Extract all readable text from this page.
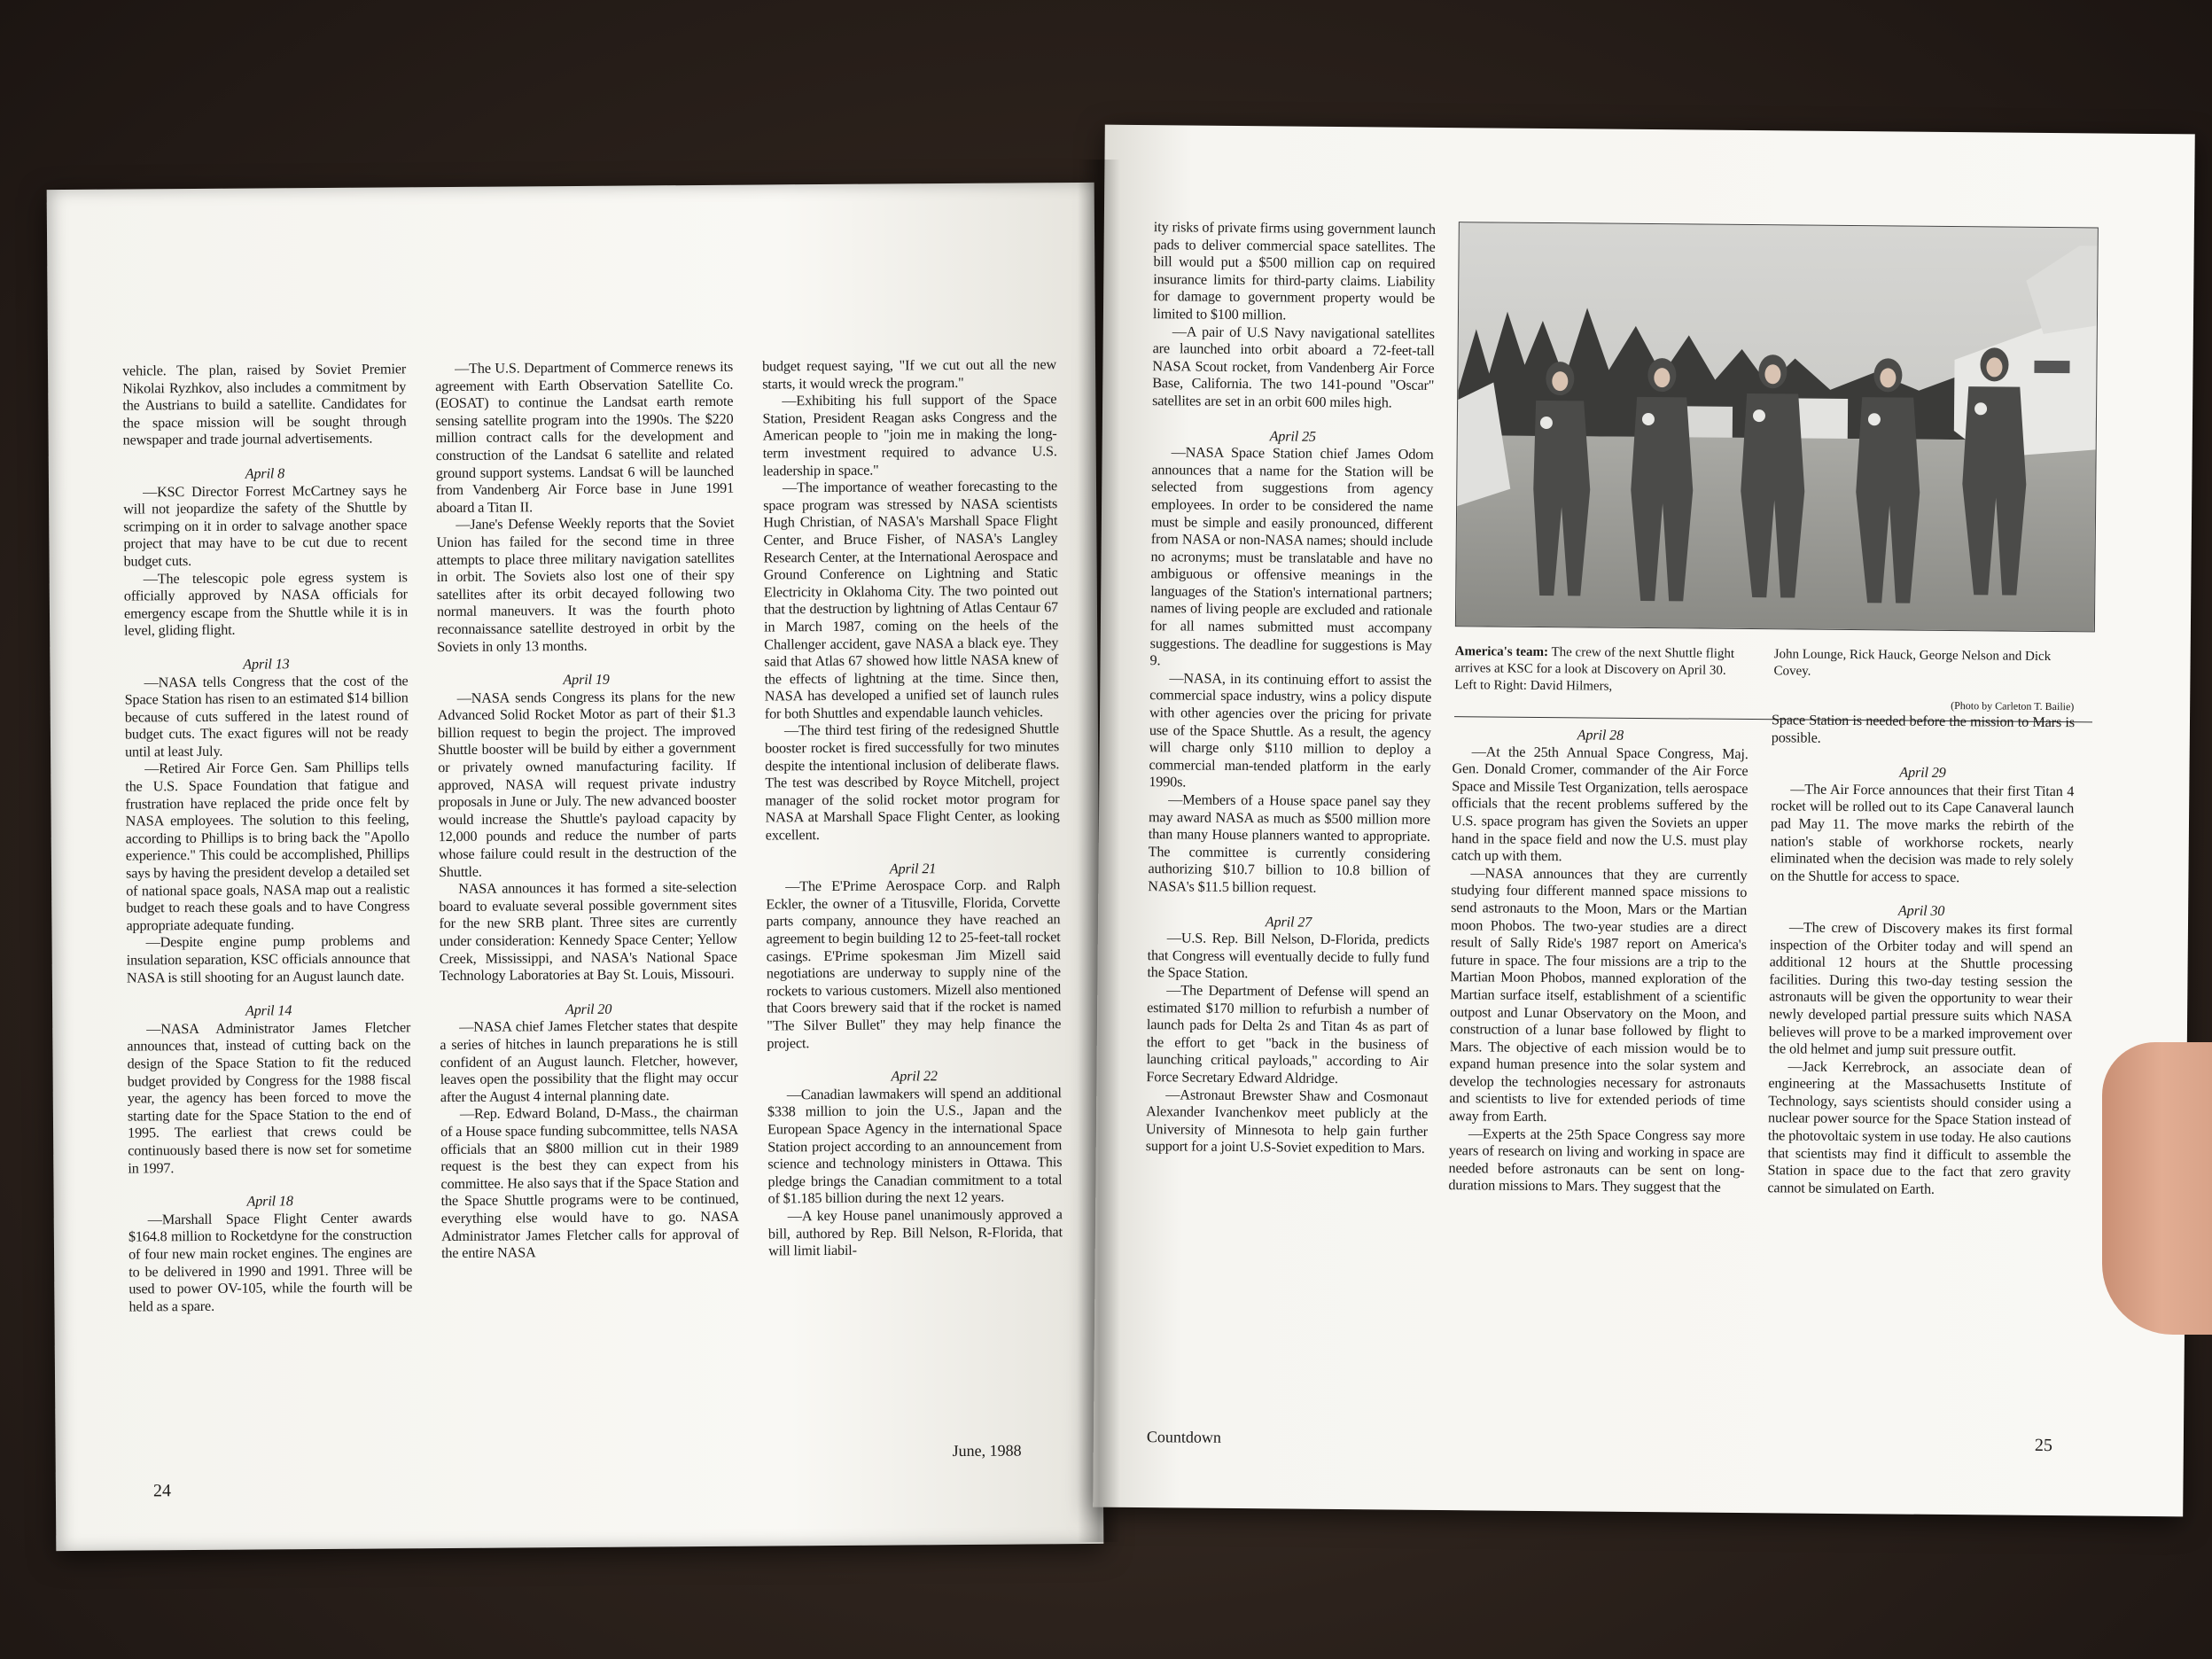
vehicle. The plan, raised by Soviet Premier Nikolai Ryzhkov, also includes a commitment by the Austrians to build a satellite. Candidates for the space mission will be sought through newspaper and trade journal advertisements.

April 8

—KSC Director Forrest McCartney says he will not jeopardize the safety of the Shuttle by scrimping on it in order to salvage another space project that may have to be cut due to recent budget cuts.

—The telescopic pole egress system is officially approved by NASA officials for emergency escape from the Shuttle while it is in level, gliding flight.

April 13

—NASA tells Congress that the cost of the Space Station has risen to an estimated $14 billion because of cuts suffered in the latest round of budget cuts. The exact figures will not be ready until at least July.

—Retired Air Force Gen. Sam Phillips tells the U.S. Space Foundation that fatigue and frustration have replaced the pride once felt by NASA employees. The solution to this feeling, according to Phillips is to bring back the "Apollo experience." This could be accomplished, Phillips says by having the president develop a detailed set of national space goals, NASA map out a realistic budget to reach these goals and to have Congress appropriate adequate funding.

—Despite engine pump problems and insulation separation, KSC officials announce that NASA is still shooting for an August launch date.

April 14

—NASA Administrator James Fletcher announces that, instead of cutting back on the design of the Space Station to fit the reduced budget provided by Congress for the 1988 fiscal year, the agency has been forced to move the starting date for the Space Station to the end of 1995. The earliest that crews could be continuously based there is now set for sometime in 1997.

April 18

—Marshall Space Flight Center awards $164.8 million to Rocketdyne for the construction of four new main rocket engines. The engines are to be delivered in 1990 and 1991. Three will be used to power OV-105, while the fourth will be held as a spare.

—The U.S. Department of Commerce renews its agreement with Earth Observation Satellite Co. (EOSAT) to continue the Landsat earth remote sensing satellite program into the 1990s. The $220 million contract calls for the development and construction of the Landsat 6 satellite and related ground support systems. Landsat 6 will be launched from Vandenberg Air Force base in June 1991 aboard a Titan II.

—Jane's Defense Weekly reports that the Soviet Union has failed for the second time in three attempts to place three military navigation satellites in orbit. The Soviets also lost one of their spy satellites after its orbit decayed following two normal maneuvers. It was the fourth photo reconnaissance satellite destroyed in orbit by the Soviets in only 13 months.

April 19

—NASA sends Congress its plans for the new Advanced Solid Rocket Motor as part of their $1.3 billion request to begin the project. The improved Shuttle booster will be build by either a government or privately owned manufacturing facility. If approved, NASA will request private industry proposals in June or July. The new advanced booster would increase the Shuttle's payload capacity by 12,000 pounds and reduce the number of parts whose failure could result in the destruction of the Shuttle.

NASA announces it has formed a site-selection board to evaluate several possible government sites for the new SRB plant. Three sites are currently under consideration: Kennedy Space Center; Yellow Creek, Mississippi, and NASA's National Space Technology Laboratories at Bay St. Louis, Missouri.

April 20

—NASA chief James Fletcher states that despite a series of hitches in launch preparations he is still confident of an August launch. Fletcher, however, leaves open the possibility that the flight may occur after the August 4 internal planning date.

—Rep. Edward Boland, D-Mass., the chairman of a House space funding subcommittee, tells NASA officials that an $800 million cut in their 1989 request is the best they can expect from his committee. He also says that if the Space Station and the Space Shuttle programs were to be continued, everything else would have to go. NASA Administrator James Fletcher calls for approval of the entire NASA

budget request saying, "If we cut out all the new starts, it would wreck the program."

—Exhibiting his full support of the Space Station, President Reagan asks Congress and the American people to "join me in making the long-term investment required to advance U.S. leadership in space."

—The importance of weather forecasting to the space program was stressed by NASA scientists Hugh Christian, of NASA's Marshall Space Flight Center, and Bruce Fisher, of NASA's Langley Research Center, at the International Aerospace and Ground Conference on Lightning and Static Electricity in Oklahoma City. The two pointed out that the destruction by lightning of Atlas Centaur 67 in March 1987, coming on the heels of the Challenger accident, gave NASA a black eye. They said that Atlas 67 showed how little NASA knew of the effects of lightning at the time. Since then, NASA has developed a unified set of launch rules for both Shuttles and expendable launch vehicles.

—The third test firing of the redesigned Shuttle booster rocket is fired successfully for two minutes despite the intentional inclusion of deliberate flaws. The test was described by Royce Mitchell, project manager of the solid rocket motor program for NASA at Marshall Space Flight Center, as looking excellent.

April 21

—The E'Prime Aerospace Corp. and Ralph Eckler, the owner of a Titusville, Florida, Corvette parts company, announce they have reached an agreement to begin building 12 to 25-feet-tall rocket casings. E'Prime spokesman Jim Mizell said negotiations are underway to supply nine of the rockets to various customers. Mizell also mentioned that Coors brewery said that if the rocket is named "The Silver Bullet" they may help finance the project.

April 22

—Canadian lawmakers will spend an additional $338 million to join the U.S., Japan and the European Space Agency in the international Space Station project according to an announcement from science and technology ministers in Ottawa. This pledge brings the Canadian commitment to a total of $1.185 billion during the next 12 years.

—A key House panel unanimously approved a bill, authored by Rep. Bill Nelson, R-Florida, that will limit liabil-

24
June, 1988

ity risks of private firms using government launch pads to deliver commercial space satellites. The bill would put a $500 million cap on required insurance limits for third-party claims. Liability for damage to government property would be limited to $100 million.

—A pair of U.S Navy navigational satellites are launched into orbit aboard a 72-feet-tall NASA Scout rocket, from Vandenberg Air Force Base, California. The two 141-pound "Oscar" satellites are set in an orbit 600 miles high.

April 25

—NASA Space Station chief James Odom announces that a name for the Station will be selected from suggestions from agency employees. In order to be considered the name must be simple and easily pronounced, different from NASA or non-NASA names; should include no acronyms; must be translatable and have no ambiguous or offensive meanings in the languages of the Station's international partners; names of living people are excluded and rationale for all names submitted must accompany suggestions. The deadline for suggestions is May 9.

—NASA, in its continuing effort to assist the commercial space industry, wins a policy dispute with other agencies over the pricing for private use of the Space Shuttle. As a result, the agency will charge only $110 million to deploy a commercial man-tended platform in the early 1990s.

—Members of a House space panel say they may award NASA as much as $500 million more than many House planners wanted to appropriate. The committee is currently considering authorizing $10.7 billion to 10.8 billion of NASA's $11.5 billion request.

April 27

—U.S. Rep. Bill Nelson, D-Florida, predicts that Congress will eventually decide to fully fund the Space Station.

—The Department of Defense will spend an estimated $170 million to refurbish a number of launch pads for Delta 2s and Titan 4s as part of the effort to get "back in the business of launching critical payloads," according to Air Force Secretary Edward Aldridge.

—Astronaut Brewster Shaw and Cosmonaut Alexander Ivanchenkov meet publicly at the University of Minnesota to help gain further support for a joint U.S-Soviet expedition to Mars.

America's team: The crew of the next Shuttle flight arrives at KSC for a look at Discovery on April 30. Left to Right: David Hilmers,
John Lounge, Rick Hauck, George Nelson and Dick Covey.
(Photo by Carleton T. Bailie)
April 28

—At the 25th Annual Space Congress, Maj. Gen. Donald Cromer, commander of the Air Force Space and Missile Test Organization, tells aerospace officials that the recent problems suffered by the U.S. space program has given the Soviets an upper hand in the space field and now the U.S. must play catch up with them.

—NASA announces that they are currently studying four different manned space missions to send astronauts to the Moon, Mars or the Martian moon Phobos. The two-year studies are a direct result of Sally Ride's 1987 report on America's future in space. The four missions are a trip to the Martian Moon Phobos, manned exploration of the Martian surface itself, establishment of a scientific outpost and Lunar Observatory on the Moon, and construction of a lunar base followed by flight to Mars. The objective of each mission would be to expand human presence into the solar system and develop the technologies necessary for astronauts and scientists to live for extended periods of time away from Earth.

—Experts at the 25th Space Congress say more years of research on living and working in space are needed before astronauts can be sent on long-duration missions to Mars. They suggest that the

Space Station is needed before the mission to Mars is possible.

April 29

—The Air Force announces that their first Titan 4 rocket will be rolled out to its Cape Canaveral launch pad May 11. The move marks the rebirth of the nation's stable of workhorse rockets, nearly eliminated when the decision was made to rely solely on the Shuttle for access to space.

April 30

—The crew of Discovery makes its first formal inspection of the Orbiter today and will spend an additional 12 hours at the Shuttle processing facilities. During this two-day testing session the astronauts will be given the opportunity to wear their newly developed partial pressure suits which NASA believes will prove to be a marked improvement over the old helmet and jump suit pressure outfit.

—Jack Kerrebrock, an associate dean of engineering at the Massachusetts Institute of Technology, says scientists should consider using a nuclear power source for the Space Station instead of the photovoltaic system in use today. He also cautions that scientists may find it difficult to assemble the Station in space due to the fact that zero gravity cannot be simulated on Earth.

Countdown	25
